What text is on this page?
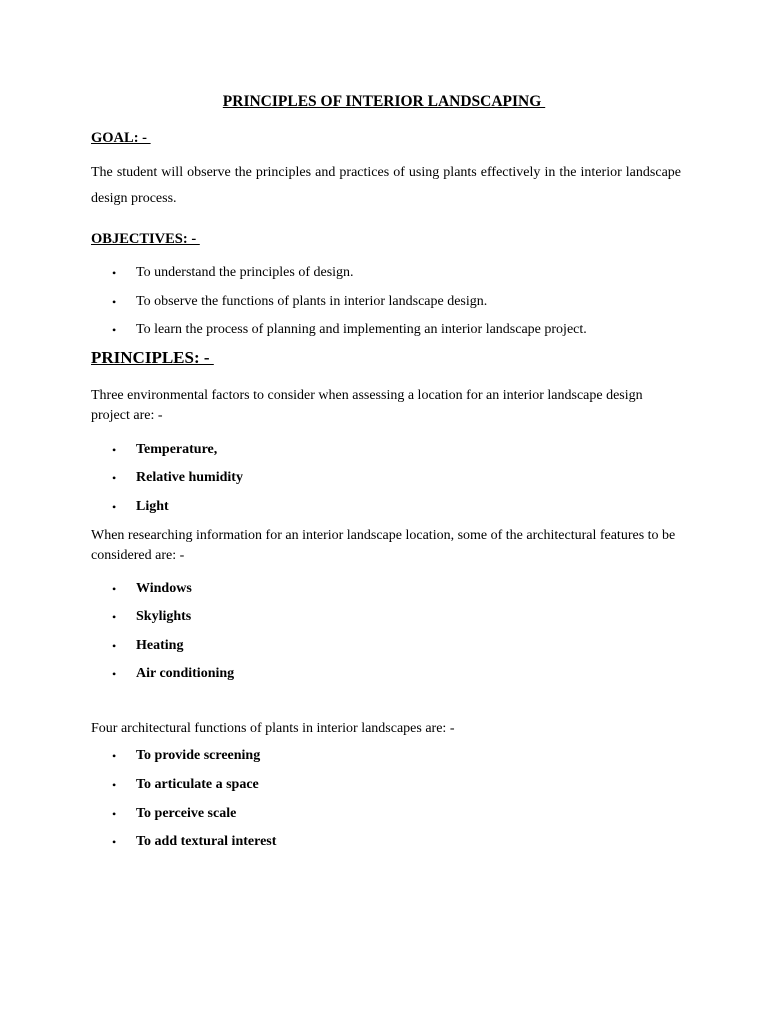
PRINCIPLES OF INTERIOR LANDSCAPING
GOAL: -
The student will observe the principles and practices of using plants effectively in the interior landscape design process.
OBJECTIVES: -
• To understand the principles of design.
• To observe the functions of plants in interior landscape design.
• To learn the process of planning and implementing an interior landscape project.
PRINCIPLES: -
Three environmental factors to consider when assessing a location for an interior landscape design project are: -
• Temperature,
• Relative humidity
• Light
When researching information for an interior landscape location, some of the architectural features to be considered are: -
• Windows
• Skylights
• Heating
• Air conditioning
Four architectural functions of plants in interior landscapes are: -
• To provide screening
• To articulate a space
• To perceive scale
• To add textural interest
